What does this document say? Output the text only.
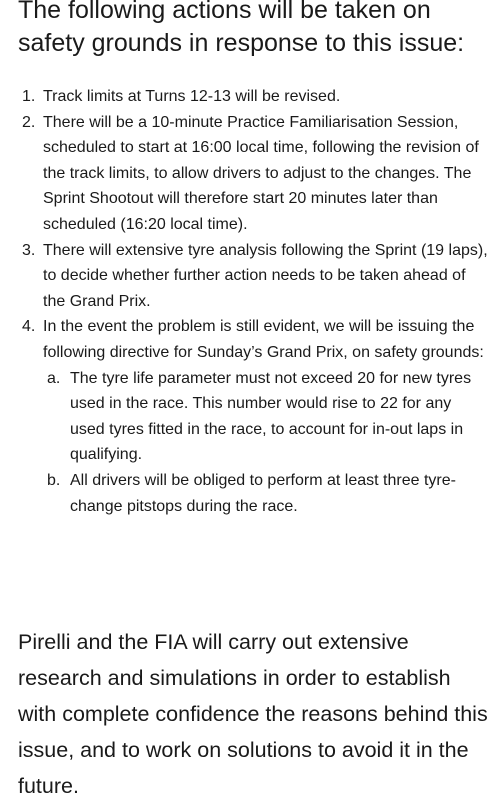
The following actions will be taken on safety grounds in response to this issue:
1. Track limits at Turns 12-13 will be revised.
2. There will be a 10-minute Practice Familiarisation Session, scheduled to start at 16:00 local time, following the revision of the track limits, to allow drivers to adjust to the changes. The Sprint Shootout will therefore start 20 minutes later than scheduled (16:20 local time).
3. There will extensive tyre analysis following the Sprint (19 laps), to decide whether further action needs to be taken ahead of the Grand Prix.
4. In the event the problem is still evident, we will be issuing the following directive for Sunday’s Grand Prix, on safety grounds:
a. The tyre life parameter must not exceed 20 for new tyres used in the race. This number would rise to 22 for any used tyres fitted in the race, to account for in-out laps in qualifying.
b. All drivers will be obliged to perform at least three tyre-change pitstops during the race.

Pirelli and the FIA will carry out extensive research and simulations in order to establish with complete confidence the reasons behind this issue, and to work on solutions to avoid it in the future.
